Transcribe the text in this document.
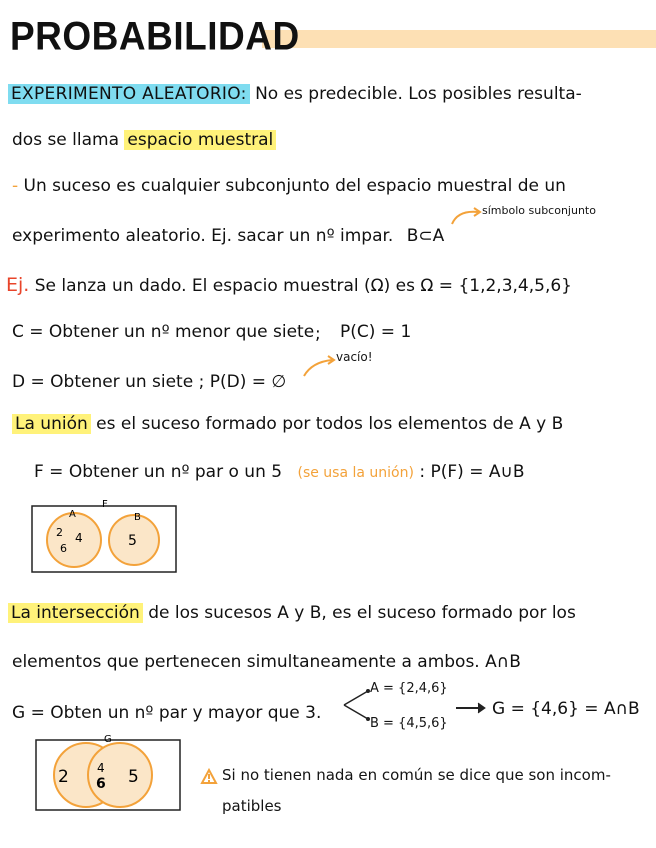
PROBABILIDAD
EXPERIMENTO ALEATORIO: No es predecible. Los posibles resulta-
dos se llama espacio muestral
- Un suceso es cualquier subconjunto del espacio muestral de un
experimento aleatorio. Ej. sacar un nº impar. B⊂A
símbolo subconjunto
Ej. Se lanza un dado. El espacio muestral (Ω) es Ω = {1,2,3,4,5,6}
C = Obtener un nº menor que siete ; P(C) = 1
D = Obtener un siete ; P(D) = ∅
vacío!
La unión es el suceso formado por todos los elementos de A y B
F = Obtener un nº par o un 5 (se usa la unión) : P(F) = A∪B
F
A	B
2 4
6	5
La intersección de los sucesos A y B, es el suceso formado por los
elementos que pertenecen simultaneamente a ambos. A∩B
G = Obten un nº par y mayor que 3.
A = {2,4,6}
B = {4,5,6}
G = {4,6} = A∩B
G
2 4
6 5	Si no tienen nada en común se dice que son incom-
patibles
